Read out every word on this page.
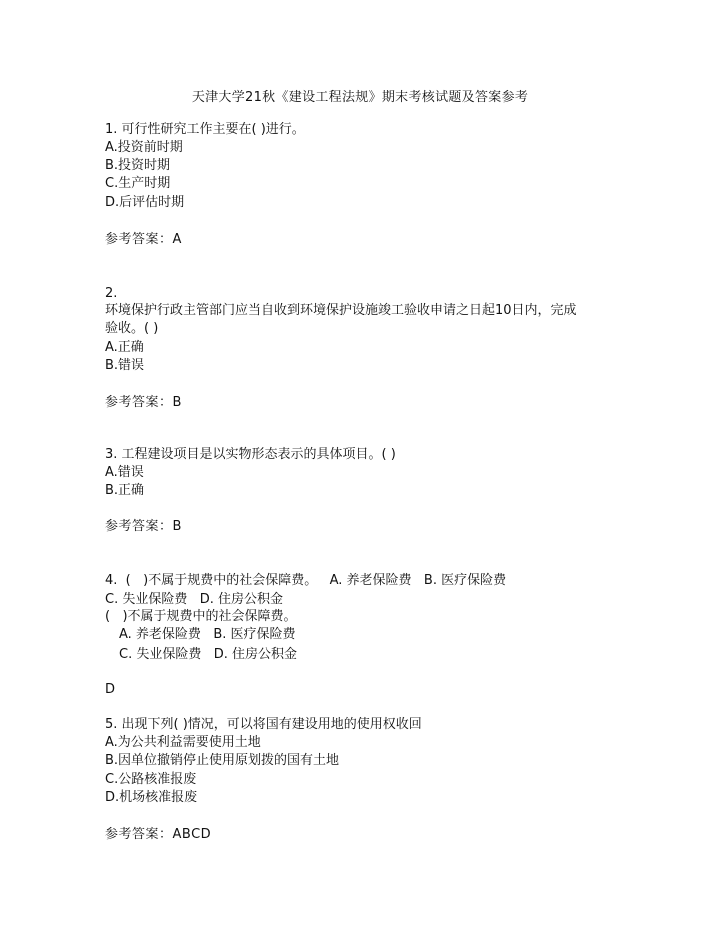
天津大学21秋《建设工程法规》期末考核试题及答案参考
1. 可行性研究工作主要在( )进行。
A.投资前时期
B.投资时期
C.生产时期
D.后评估时期
参考答案：A
2.
环境保护行政主管部门应当自收到环境保护设施竣工验收申请之日起10日内，完成
验收。( )
A.正确
B.错误
参考答案：B
3. 工程建设项目是以实物形态表示的具体项目。( )
A.错误
B.正确
参考答案：B
4.  (   )不属于规费中的社会保障费。   A. 养老保险费   B. 医疗保险费
C. 失业保险费   D. 住房公积金
(   )不属于规费中的社会保障费。
A. 养老保险费   B. 医疗保险费
C. 失业保险费   D. 住房公积金
D
5. 出现下列( )情况，可以将国有建设用地的使用权收回
A.为公共利益需要使用土地
B.因单位撤销停止使用原划拨的国有土地
C.公路核准报废
D.机场核准报废
参考答案：ABCD
